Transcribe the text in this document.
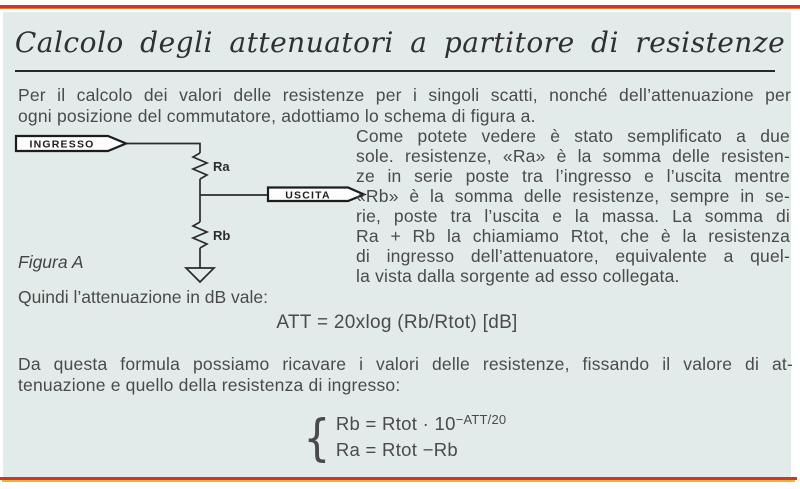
Calcolo degli attenuatori a partitore di resistenze
Per il calcolo dei valori delle resistenze per i singoli scatti, nonché dell’attenuazione per
ogni posizione del commutatore, adottiamo lo schema di figura a.
INGRESSO
USCITA
Ra
Rb
Come potete vedere è stato semplificato a due
sole. resistenze, «Ra» è la somma delle resisten-
ze in serie poste tra l’ingresso e l’uscita mentre
«Rb» è la somma delle resistenze, sempre in se-
rie, poste tra l’uscita e la massa. La somma di
Ra + Rb la chiamiamo Rtot, che è la resistenza
di ingresso dell’attenuatore, equivalente a quel-
la vista dalla sorgente ad esso collegata.
Figura A
Quindi l’attenuazione in dB vale:
ATT = 20xlog (Rb/Rtot) [dB]
Da questa formula possiamo ricavare i valori delle resistenze, fissando il valore di at-
tenuazione e quello della resistenza di ingresso:
{ Rb = Rtot · $10^{-ATT/20}$
Ra = Rtot −Rb
